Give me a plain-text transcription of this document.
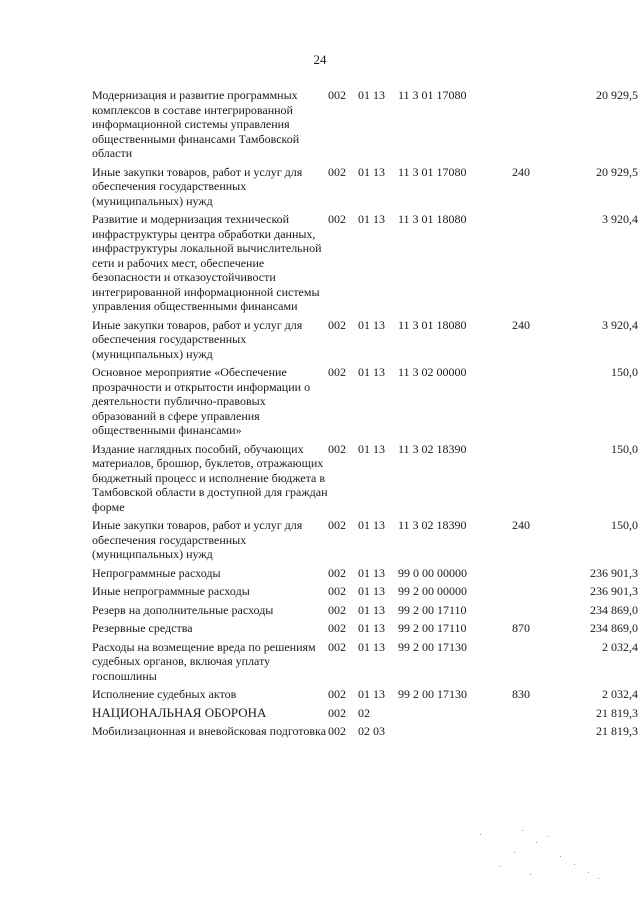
24
Модернизация и развитие программных комплексов в составе интегрированной информационной системы управления общественными финансами Тамбовской области	002	01 13	11 3 01 17080		20 929,5
Иные закупки товаров, работ и услуг для обеспечения государственных (муниципальных) нужд	002	01 13	11 3 01 17080	240	20 929,5
Развитие и модернизация технической инфраструктуры центра обработки данных, инфраструктуры локальной вычислительной сети и рабочих мест, обеспечение безопасности и отказоустойчивости интегрированной информационной системы управления общественными финансами	002	01 13	11 3 01 18080		3 920,4
Иные закупки товаров, работ и услуг для обеспечения государственных (муниципальных) нужд	002	01 13	11 3 01 18080	240	3 920,4
Основное мероприятие «Обеспечение прозрачности и открытости информации о деятельности публично-правовых образований в сфере управления общественными финансами»	002	01 13	11 3 02 00000		150,0
Издание наглядных пособий, обучающих материалов, брошюр, буклетов, отражающих бюджетный процесс и исполнение бюджета в Тамбовской области в доступной для граждан форме	002	01 13	11 3 02 18390		150,0
Иные закупки товаров, работ и услуг для обеспечения государственных (муниципальных) нужд	002	01 13	11 3 02 18390	240	150,0
Непрограммные расходы	002	01 13	99 0 00 00000		236 901,3
Иные непрограммные расходы	002	01 13	99 2 00 00000		236 901,3
Резерв на дополнительные расходы	002	01 13	99 2 00 17110		234 869,0
Резервные средства	002	01 13	99 2 00 17110	870	234 869,0
Расходы на возмещение вреда по решениям судебных органов, включая уплату госпошлины	002	01 13	99 2 00 17130		2 032,4
Исполнение судебных актов	002	01 13	99 2 00 17130	830	2 032,4
НАЦИОНАЛЬНАЯ ОБОРОНА	002	02			21 819,3
Мобилизационная и вневойсковая подготовка	002	02 03			21 819,3
